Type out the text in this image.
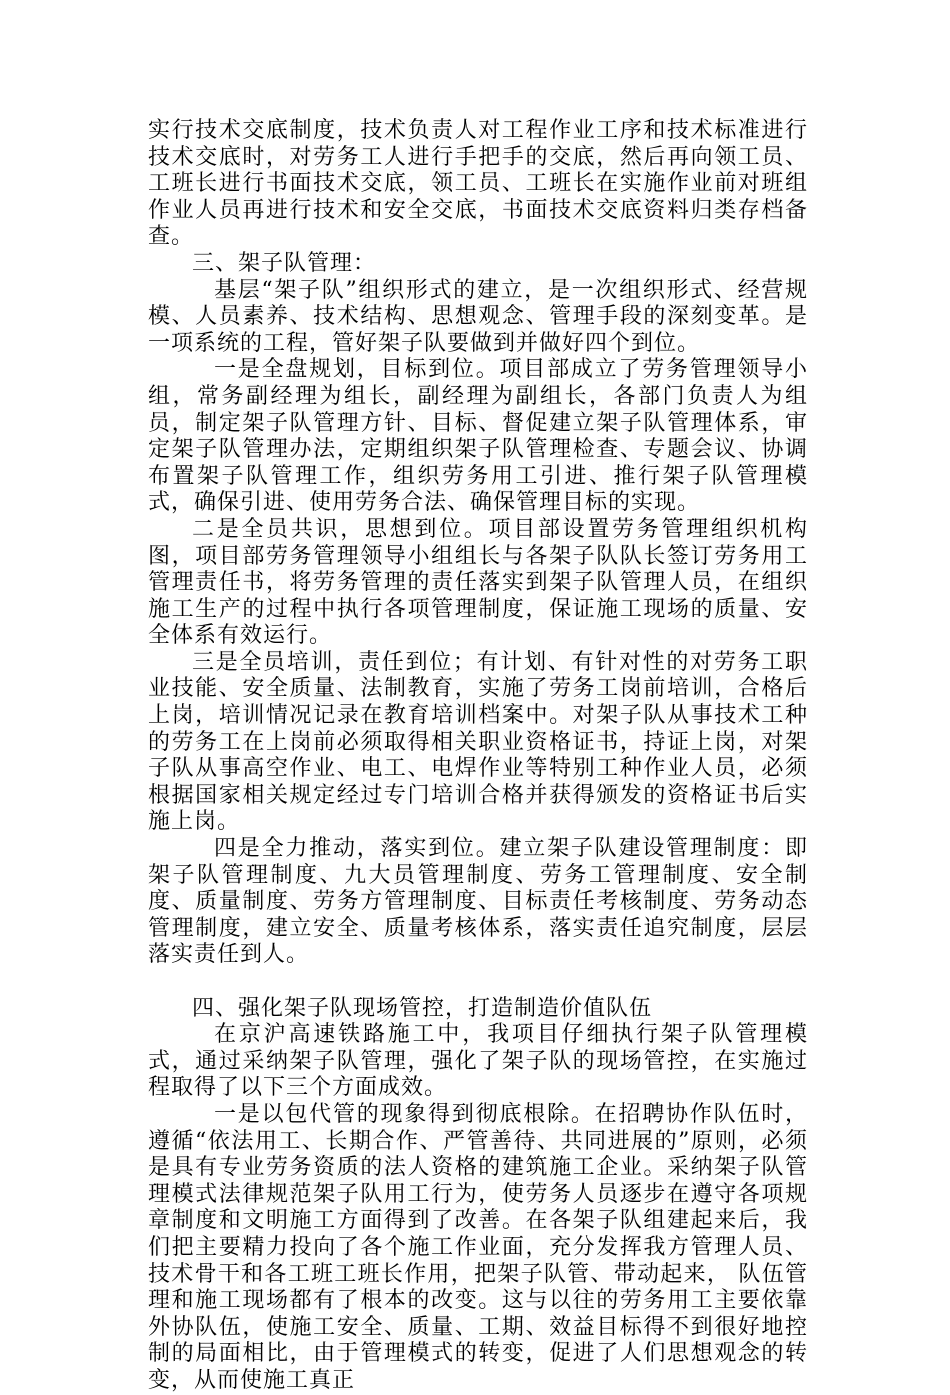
实行技术交底制度，技术负责人对工程作业工序和技术标准进行技术交底时，对劳务工人进行手把手的交底，然后再向领工员、工班长进行书面技术交底，领工员、工班长在实施作业前对班组作业人员再进行技术和安全交底，书面技术交底资料归类存档备查。

三、架子队管理：

基层“架子队”组织形式的建立，是一次组织形式、经营规模、人员素养、技术结构、思想观念、管理手段的深刻变革。是一项系统的工程，管好架子队要做到并做好四个到位。

一是全盘规划，目标到位。项目部成立了劳务管理领导小组，常务副经理为组长，副经理为副组长，各部门负责人为组员，制定架子队管理方针、目标、督促建立架子队管理体系，审定架子队管理办法，定期组织架子队管理检查、专题会议、协调布置架子队管理工作，组织劳务用工引进、推行架子队管理模式，确保引进、使用劳务合法、确保管理目标的实现。

二是全员共识，思想到位。项目部设置劳务管理组织机构图，项目部劳务管理领导小组组长与各架子队队长签订劳务用工管理责任书，将劳务管理的责任落实到架子队管理人员，在组织施工生产的过程中执行各项管理制度，保证施工现场的质量、安全体系有效运行。

三是全员培训，责任到位；有计划、有针对性的对劳务工职业技能、安全质量、法制教育，实施了劳务工岗前培训，合格后上岗，培训情况记录在教育培训档案中。对架子队从事技术工种的劳务工在上岗前必须取得相关职业资格证书，持证上岗，对架子队从事高空作业、电工、电焊作业等特别工种作业人员，必须根据国家相关规定经过专门培训合格并获得颁发的资格证书后实施上岗。

四是全力推动，落实到位。建立架子队建设管理制度：即架子队管理制度、九大员管理制度、劳务工管理制度、安全制度、质量制度、劳务方管理制度、目标责任考核制度、劳务动态管理制度，建立安全、质量考核体系，落实责任追究制度，层层落实责任到人。

四、强化架子队现场管控，打造制造价值队伍

在京沪高速铁路施工中，我项目仔细执行架子队管理模式，通过采纳架子队管理，强化了架子队的现场管控，在实施过程取得了以下三个方面成效。

一是以包代管的现象得到彻底根除。在招聘协作队伍时，遵循“依法用工、长期合作、严管善待、共同进展的”原则，必须是具有专业劳务资质的法人资格的建筑施工企业。采纳架子队管理模式法律规范架子队用工行为，使劳务人员逐步在遵守各项规章制度和文明施工方面得到了改善。在各架子队组建起来后，我们把主要精力投向了各个施工作业面，充分发挥我方管理人员、技术骨干和各工班工班长作用，把架子队管、带动起来， 队伍管理和施工现场都有了根本的改变。这与以往的劳务用工主要依靠外协队伍，使施工安全、质量、工期、效益目标得不到很好地控制的局面相比，由于管理模式的转变，促进了人们思想观念的转变，从而使施工真正
